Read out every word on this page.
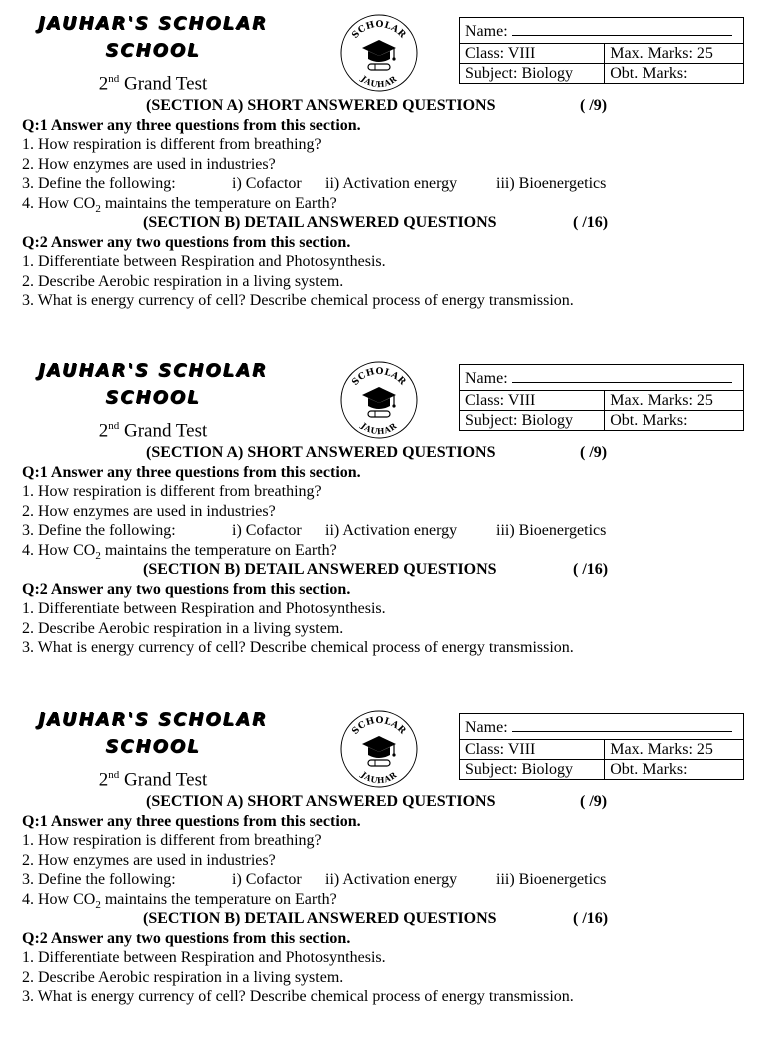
JAUHAR'S SCHOLAR
SCHOOL
2nd Grand Test
SCHOLAR
JAUHAR
Name:	
Class: VIII	Max. Marks: 25
Subject: Biology	Obt. Marks:
(SECTION A) SHORT ANSWERED QUESTIONS	( /9)
Q:1 Answer any three questions from this section.
1. How respiration is different from breathing?
2. How enzymes are used in industries?
3. Define the following:	i) Cofactor ii) Activation energy iii) Bioenergetics
4. How $CO_2$ maintains the temperature on Earth?
(SECTION B) DETAIL ANSWERED QUESTIONS	( /16)
Q:2 Answer any two questions from this section.
1. Differentiate between Respiration and Photosynthesis.
2. Describe Aerobic respiration in a living system.
3. What is energy currency of cell? Describe chemical process of energy transmission.
JAUHAR'S SCHOLAR
SCHOOL
2nd Grand Test
SCHOLAR
JAUHAR
Name:	
Class: VIII	Max. Marks: 25
Subject: Biology	Obt. Marks:
(SECTION A) SHORT ANSWERED QUESTIONS	( /9)
Q:1 Answer any three questions from this section.
1. How respiration is different from breathing?
2. How enzymes are used in industries?
3. Define the following:	i) Cofactor ii) Activation energy iii) Bioenergetics
4. How $CO_2$ maintains the temperature on Earth?
(SECTION B) DETAIL ANSWERED QUESTIONS	( /16)
Q:2 Answer any two questions from this section.
1. Differentiate between Respiration and Photosynthesis.
2. Describe Aerobic respiration in a living system.
3. What is energy currency of cell? Describe chemical process of energy transmission.
JAUHAR'S SCHOLAR
SCHOOL
2nd Grand Test
SCHOLAR
JAUHAR
Name:	
Class: VIII	Max. Marks: 25
Subject: Biology	Obt. Marks:
(SECTION A) SHORT ANSWERED QUESTIONS	( /9)
Q:1 Answer any three questions from this section.
1. How respiration is different from breathing?
2. How enzymes are used in industries?
3. Define the following:	i) Cofactor ii) Activation energy iii) Bioenergetics
4. How $CO_2$ maintains the temperature on Earth?
(SECTION B) DETAIL ANSWERED QUESTIONS	( /16)
Q:2 Answer any two questions from this section.
1. Differentiate between Respiration and Photosynthesis.
2. Describe Aerobic respiration in a living system.
3. What is energy currency of cell? Describe chemical process of energy transmission.
